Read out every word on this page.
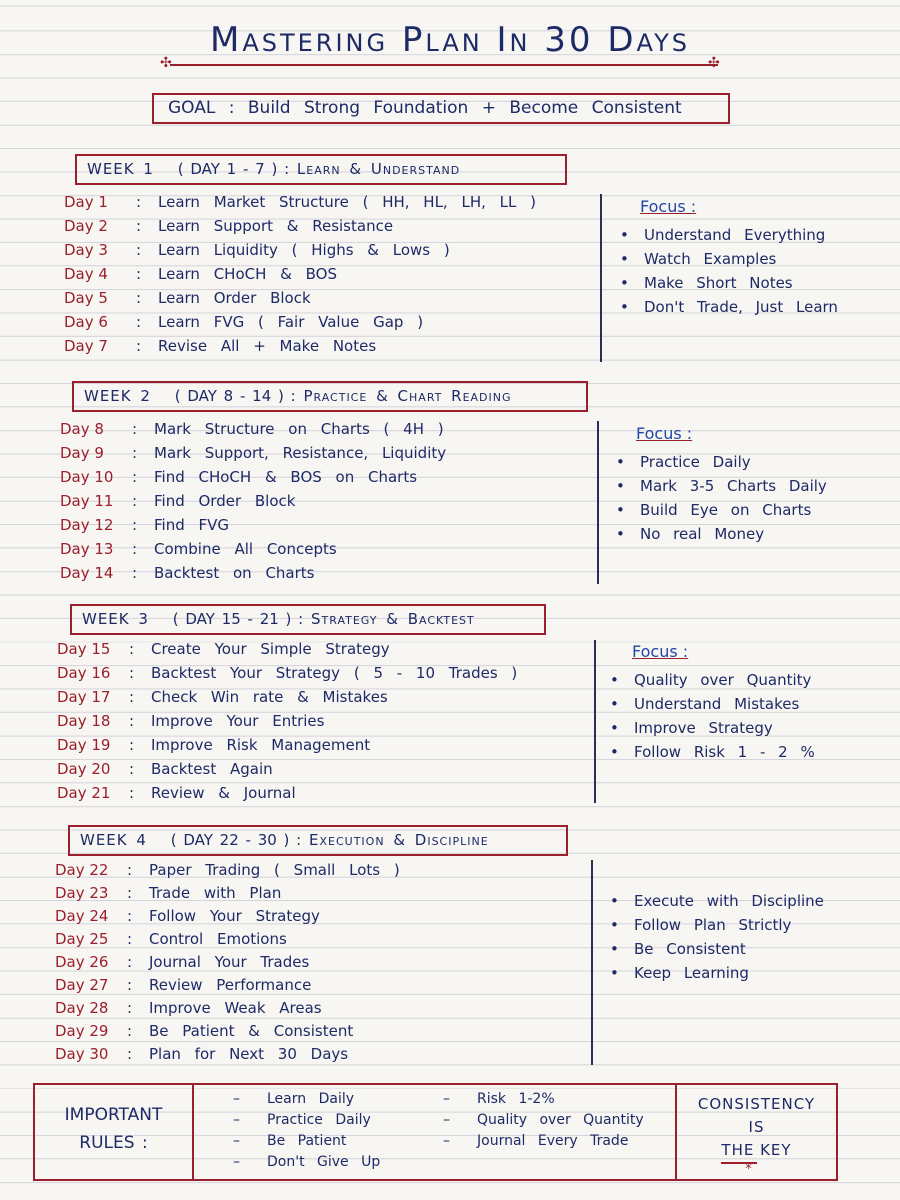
Mastering Plan In 30 Days
✣	✣
GOAL : Build Strong Foundation + Become Consistent
WEEK 1 ( DAY 1 - 7 ) : Learn & Understand
Day 1 : Learn Market Structure ( HH, HL, LH, LL )
Day 2 : Learn Support & Resistance
Day 3 : Learn Liquidity ( Highs & Lows )
Day 4 : Learn CHoCH & BOS
Day 5 : Learn Order Block
Day 6 : Learn FVG ( Fair Value Gap )
Day 7 : Revise All + Make Notes
Focus :
• Understand Everything
• Watch Examples
• Make Short Notes
• Don't Trade, Just Learn
WEEK 2 ( DAY 8 - 14 ) : Practice & Chart Reading
Day 8 : Mark Structure on Charts ( 4H )
Day 9 : Mark Support, Resistance, Liquidity
Day 10 : Find CHoCH & BOS on Charts
Day 11 : Find Order Block
Day 12 : Find FVG
Day 13 : Combine All Concepts
Day 14 : Backtest on Charts
Focus :
• Practice Daily
• Mark 3-5 Charts Daily
• Build Eye on Charts
• No real Money
WEEK 3 ( DAY 15 - 21 ) : Strategy & Backtest
Day 15 : Create Your Simple Strategy
Day 16 : Backtest Your Strategy ( 5 - 10 Trades )
Day 17 : Check Win rate & Mistakes
Day 18 : Improve Your Entries
Day 19 : Improve Risk Management
Day 20 : Backtest Again
Day 21 : Review & Journal
Focus :
• Quality over Quantity
• Understand Mistakes
• Improve Strategy
• Follow Risk 1 - 2 %
WEEK 4 ( DAY 22 - 30 ) : Execution & Discipline
Day 22 : Paper Trading ( Small Lots )
Day 23 : Trade with Plan
Day 24 : Follow Your Strategy
Day 25 : Control Emotions
Day 26 : Journal Your Trades
Day 27 : Review Performance
Day 28 : Improve Weak Areas
Day 29 : Be Patient & Consistent
Day 30 : Plan for Next 30 Days
• Execute with Discipline
• Follow Plan Strictly
• Be Consistent
• Keep Learning
IMPORTANT
RULES :
– Learn Daily
– Practice Daily
– Be Patient
– Don't Give Up
– Risk 1-2%
– Quality over Quantity
– Journal Every Trade
CONSISTENCY
IS
THE KEY
*
